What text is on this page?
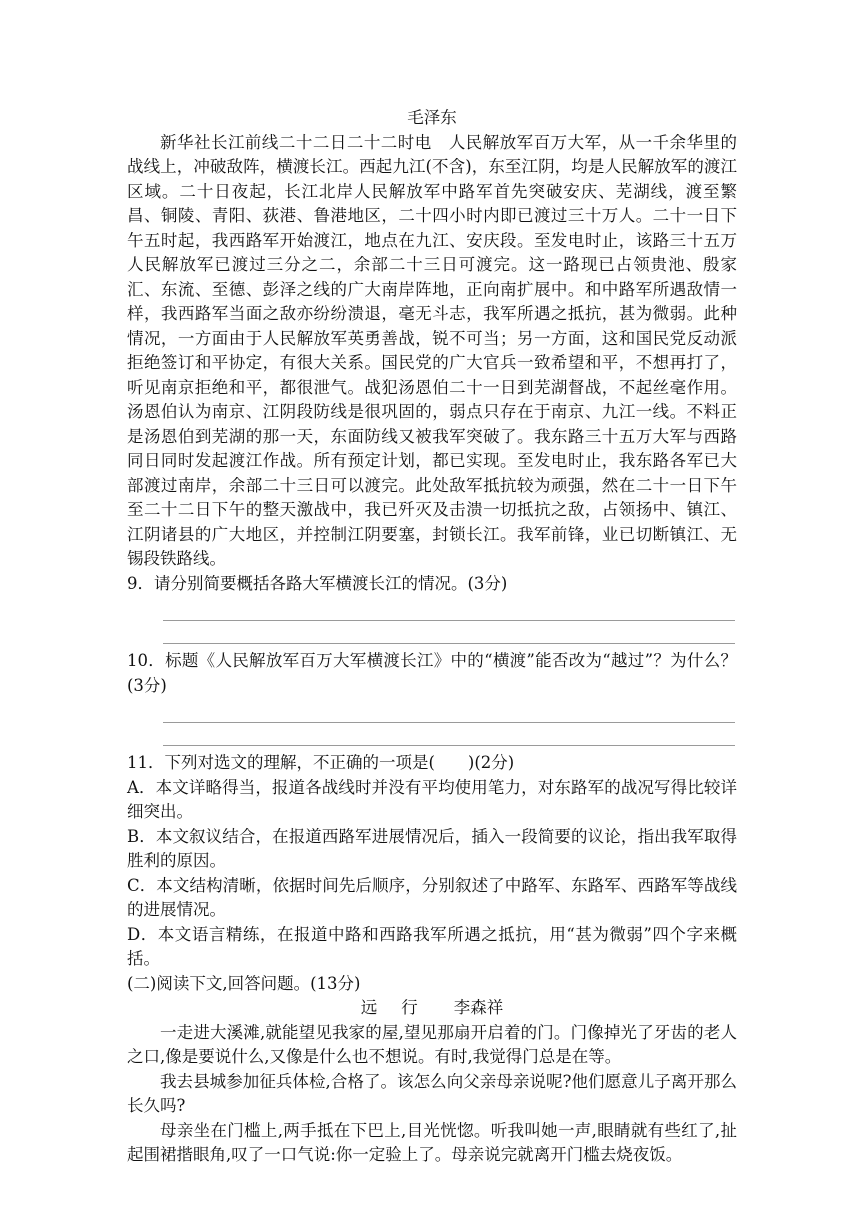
毛泽东

新华社长江前线二十二日二十二时电　人民解放军百万大军，从一千余华里的战线上，冲破敌阵，横渡长江。西起九江(不含)，东至江阴，均是人民解放军的渡江区域。二十日夜起，长江北岸人民解放军中路军首先突破安庆、芜湖线，渡至繁昌、铜陵、青阳、荻港、鲁港地区，二十四小时内即已渡过三十万人。二十一日下午五时起，我西路军开始渡江，地点在九江、安庆段。至发电时止，该路三十五万人民解放军已渡过三分之二，余部二十三日可渡完。这一路现已占领贵池、殷家汇、东流、至德、彭泽之线的广大南岸阵地，正向南扩展中。和中路军所遇敌情一样，我西路军当面之敌亦纷纷溃退，毫无斗志，我军所遇之抵抗，甚为微弱。此种情况，一方面由于人民解放军英勇善战，锐不可当；另一方面，这和国民党反动派拒绝签订和平协定，有很大关系。国民党的广大官兵一致希望和平，不想再打了，听见南京拒绝和平，都很泄气。战犯汤恩伯二十一日到芜湖督战，不起丝毫作用。汤恩伯认为南京、江阴段防线是很巩固的，弱点只存在于南京、九江一线。不料正是汤恩伯到芜湖的那一天，东面防线又被我军突破了。我东路三十五万大军与西路同日同时发起渡江作战。所有预定计划，都已实现。至发电时止，我东路各军已大部渡过南岸，余部二十三日可以渡完。此处敌军抵抗较为顽强，然在二十一日下午至二十二日下午的整天激战中，我已歼灭及击溃一切抵抗之敌，占领扬中、镇江、江阴诸县的广大地区，并控制江阴要塞，封锁长江。我军前锋，业已切断镇江、无锡段铁路线。

9．请分别简要概括各路大军横渡长江的情况。(3分)

10．标题《人民解放军百万大军横渡长江》中的“横渡”能否改为“越过”？为什么？(3分)

11．下列对选文的理解，不正确的一项是(　　)(2分)

A．本文详略得当，报道各战线时并没有平均使用笔力，对东路军的战况写得比较详细突出。

B．本文叙议结合，在报道西路军进展情况后，插入一段简要的议论，指出我军取得胜利的原因。

C．本文结构清晰，依据时间先后顺序，分别叙述了中路军、东路军、西路军等战线的进展情况。

D．本文语言精练，在报道中路和西路我军所遇之抵抗，用“甚为微弱”四个字来概括。

(二)阅读下文,回答问题。(13分)

远 行 李森祥

一走进大溪滩,就能望见我家的屋,望见那扇开启着的门。门像掉光了牙齿的老人之口,像是要说什么,又像是什么也不想说。有时,我觉得门总是在等。

我去县城参加征兵体检,合格了。该怎么向父亲母亲说呢?他们愿意儿子离开那么长久吗?

母亲坐在门槛上,两手抵在下巴上,目光恍惚。听我叫她一声,眼睛就有些红了,扯起围裙揩眼角,叹了一口气说:你一定验上了。母亲说完就离开门槛去烧夜饭。
